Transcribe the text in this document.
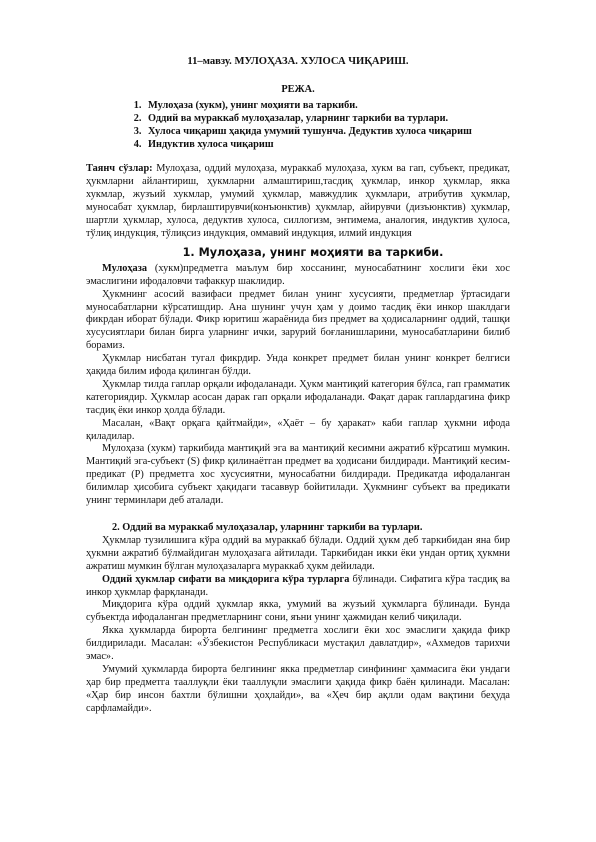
11–мавзу. МУЛОҲАЗА. ХУЛОСА ЧИҚАРИШ.
РЕЖА.
1. Мулоҳаза (хукм), унинг моҳияти ва таркиби.
2. Оддий ва мураккаб мулоҳазалар, уларнинг таркиби ва турлари.
3. Хулоса чиқариш ҳақида умумий тушунча. Дедуктив хулоса чиқариш
4. Индуктив хулоса чиқариш

Таянч сўзлар: Мулоҳаза, оддий мулоҳаза, мураккаб мулоҳаза, хукм ва гап, субъект, предикат, ҳукмларни айлантириш, ҳукмларни алмаштириш,тасдиқ ҳукмлар, инкор ҳукмлар, якка хукмлар, жузъий хукмлар, умумий ҳукмлар, мавжудлик ҳукмлари, атрибутив ҳукмлар, муносабат ҳукмлар, бирлаштирувчи(конъюнктив) ҳукмлар, айирувчи (дизъюнктив) ҳукмлар, шартли ҳукмлар, хулоса, дедуктив хулоса, силлогизм, энтимема, аналогия, индуктив ҳулоса, тўлиқ индукция, тўлиқсиз индукция, оммавий индукция, илмий индукция

1. Мулоҳаза, унинг моҳияти ва таркиби.

Мулоҳаза (хукм)предметга маълум бир хоссанинг, муносабатнинг хослиги ёки хос эмаслигини ифодаловчи тафаккур шаклидир.

Ҳукмнинг асосий вазифаси предмет билан унинг хусусияти, предметлар ўртасидаги муносабатларни кўрсатишдир. Ана шунинг учун ҳам у доимо тасдиқ ёки инкор шаклдаги фикрдан иборат бўлади. Фикр юритиш жараёнида биз предмет ва ҳодисаларнинг оддий, ташқи хусусиятлари билан бирга уларнинг ички, зарурий боғланишларини, муносабатларини билиб борамиз.

Ҳукмлар нисбатан тугал фикрдир. Унда конкрет предмет билан унинг конкрет белгиси ҳақида билим ифода қилинган бўлди.

Ҳукмлар тилда гаплар орқали ифодаланади. Ҳукм мантиқий категория бўлса, гап грамматик категориядир. Ҳукмлар асосан дарак гап орқали ифодаланади. Фақат дарак гаплардагина фикр тасдиқ ёки инкор ҳолда бўлади.

Масалан, «Вақт орқага қайтмайди», «Ҳаёт – бу ҳаракат» каби гаплар ҳукмни ифода қиладилар.

Мулоҳаза (хукм) таркибида мантиқий эга ва мантиқий кесимни ажратиб кўрсатиш мумкин. Мантиқий эга-субъект (S) фикр қилинаётган предмет ва ҳодисани билдиради. Мантиқий кесим-предикат (Р) предметга хос хусусиятни, муносабатни билдиради. Предикатда ифодаланган билимлар ҳисобига субъект ҳақидаги тасаввур бойитилади. Ҳукмнинг субъект ва предикати унинг терминлари деб аталади.

2. Оддий ва мураккаб мулоҳазалар, уларнинг таркиби ва турлари.

Ҳукмлар тузилишига кўра оддий ва мураккаб бўлади. Оддий ҳукм деб таркибидан яна бир ҳукмни ажратиб бўлмайдиган мулоҳазага айтилади. Таркибидан икки ёки ундан ортиқ ҳукмни ажратиш мумкин бўлган мулоҳазаларга мураккаб ҳукм дейилади.

Оддий ҳукмлар сифати ва миқдорига кўра турларга бўлинади. Сифатига кўра тасдиқ ва инкор ҳукмлар фарқланади.

Миқдорига кўра оддий ҳукмлар якка, умумий ва жузъий ҳукмларга бўлинади. Бунда субъектда ифодаланган предметларнинг сони, яъни унинг ҳажмидан келиб чиқилади.

Якка ҳукмларда бирорта белгининг предметга хослиги ёки хос эмаслиги ҳақида фикр билдирилади. Масалан: «Ўзбекистон Республикаси мустақил давлатдир», «Ахмедов тарихчи эмас».

Умумий ҳукмларда бирорта белгининг якка предметлар синфининг ҳаммасига ёки ундаги ҳар бир предметга тааллуқли ёки тааллуқли эмаслиги ҳақида фикр баён қилинади. Масалан: «Ҳар бир инсон бахтли бўлишни ҳоҳлайди», ва «Ҳеч бир ақлли одам вақтини беҳуда сарфламайди».
